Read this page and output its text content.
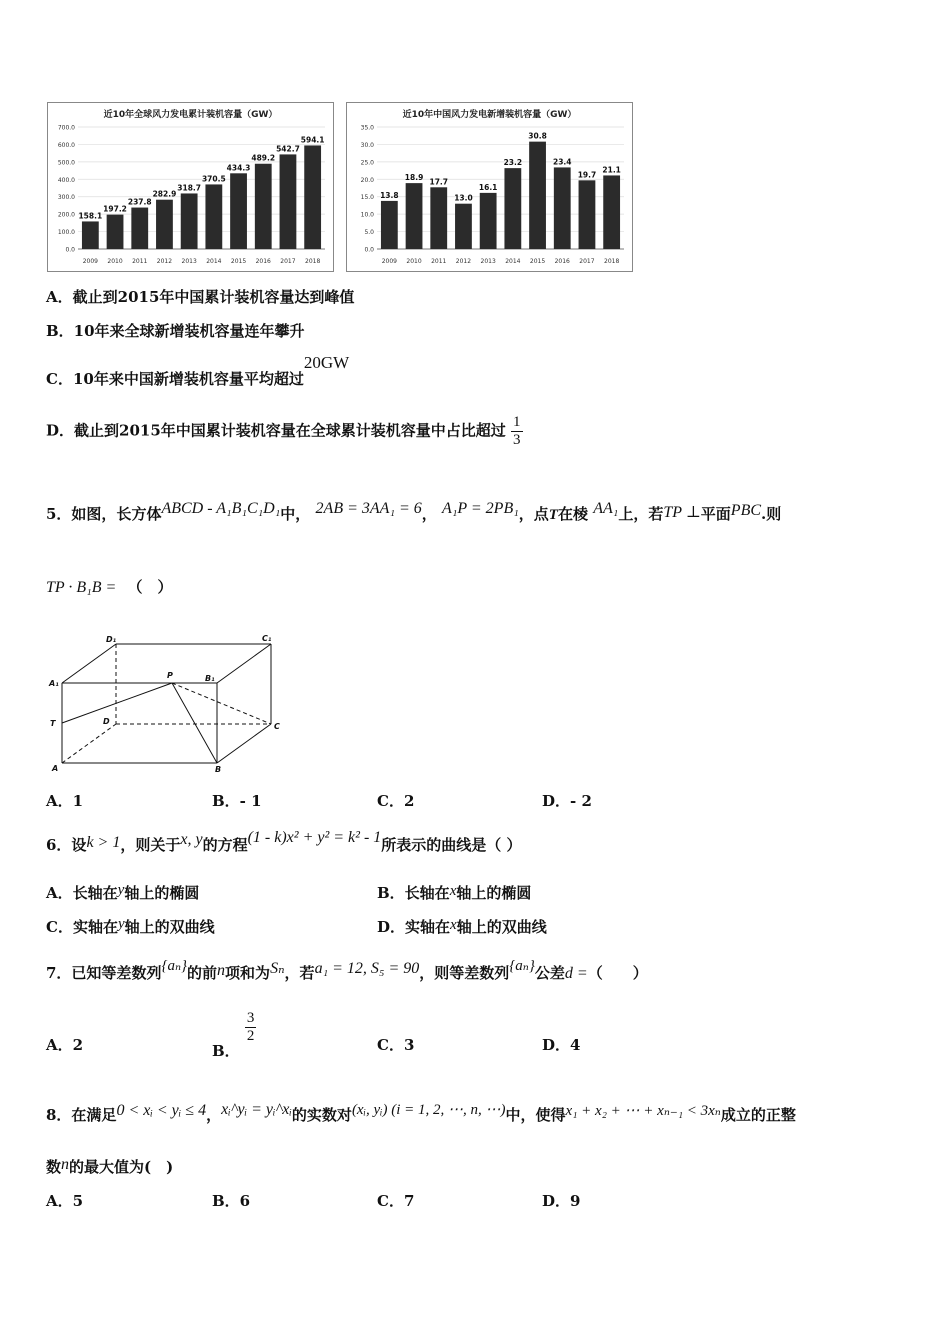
近10年全球风力发电累计装机容量（GW）
0.0
100.0
200.0
300.0
400.0
500.0
600.0
700.0
158.1
2009
197.2
2010
237.8
2011
282.9
2012
318.7
2013
370.5
2014
434.3
2015
489.2
2016
542.7
2017
594.1
2018
近10年中国风力发电新增装机容量（GW）
0.0
5.0
10.0
15.0
20.0
25.0
30.0
35.0
13.8
2009
18.9
2010
17.7
2011
13.0
2012
16.1
2013
23.2
2014
30.8
2015
23.4
2016
19.7
2017
21.1
2018
A．截止到2015年中国累计装机容量达到峰值
B．10年来全球新增装机容量连年攀升
C．10年来中国新增装机容量平均超过20GW
D．截止到2015年中国累计装机容量在全球累计装机容量中占比超过 $\frac{1}{3}$
5．如图，长方体ABCD - A₁B₁C₁D₁中， 2AB = 3AA₁ = 6， A₁P = 2PB₁，点T在棱 AA₁上，若TP ⊥平面PBC.则
TP · B₁B = （　）
D₁	C₁
A₁
P	B₁
T	D
C
A	B
A．1	B．- 1	C．2	D．- 2
6．设k > 1，则关于x, y的方程(1 - k)x² + y² = k² - 1所表示的曲线是（ ）
A．长轴在y轴上的椭圆	B．长轴在x轴上的椭圆
C．实轴在y轴上的双曲线	D．实轴在x轴上的双曲线
7．已知等差数列{aₙ}的前n项和为Sₙ，若a₁ = 12, S₅ = 90，则等差数列{aₙ}公差d =（　　）
A．2	B．
$\frac{3}{2}$	C．3	D．4
8．在满足0 < xᵢ < yᵢ ≤ 4，xᵢ^yᵢ = yᵢ^xᵢ的实数对(xᵢ, yᵢ) (i = 1, 2, ⋯, n, ⋯)中，使得x₁ + x₂ + ⋯ + xₙ₋₁ < 3xₙ成立的正整
数n的最大值为(　)
A．5	B．6	C．7	D．9
